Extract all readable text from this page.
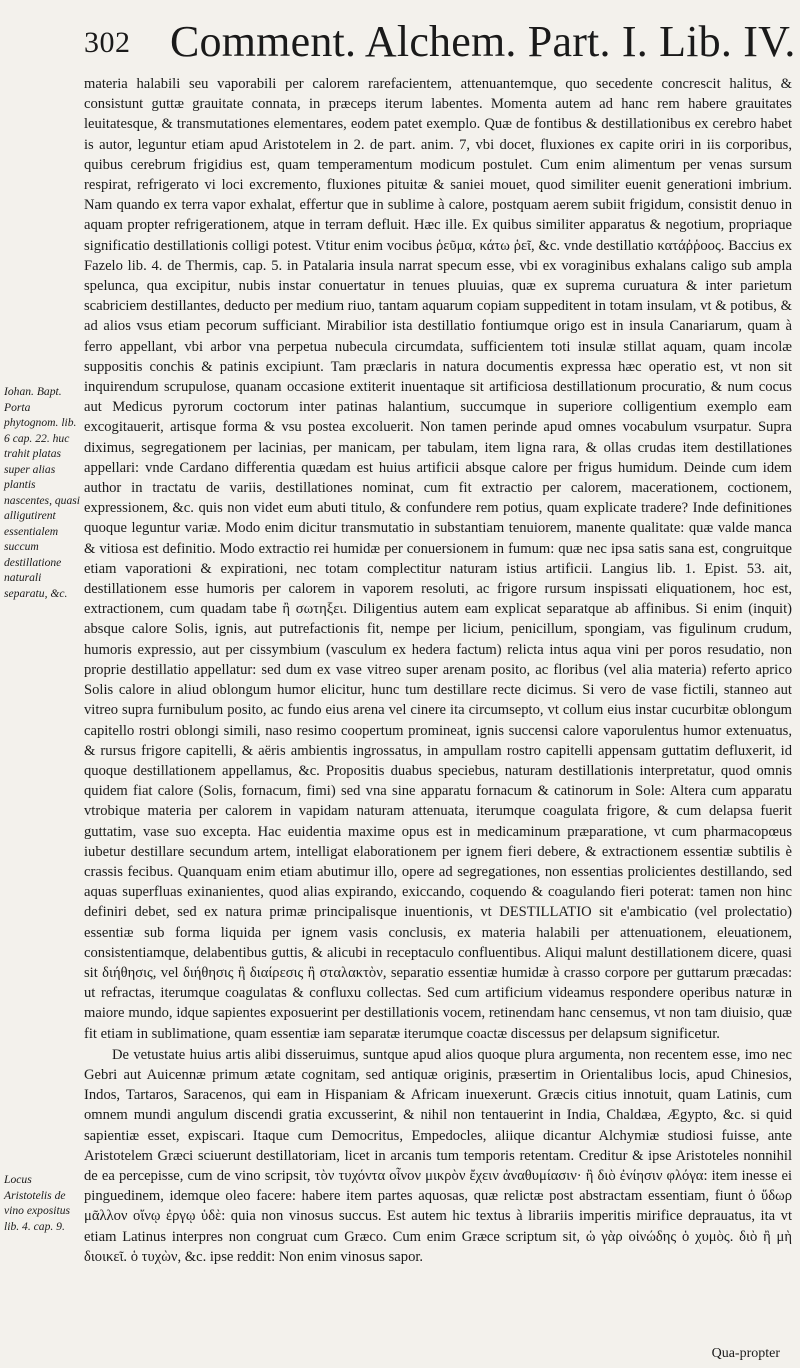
302 Comment. Alchem. Part. I. Lib. IV.

materia halabili seu vaporabili per calorem rarefacientem, attenuantemque, quo secedente concrescit halitus, & consistunt guttæ grauitate connata, in præceps iterum labentes. Momenta autem ad hanc rem habere grauitates leuitatesque, & transmutationes elementares, eodem patet exemplo. Quæ de fontibus & destillationibus ex cerebro habet is autor, leguntur etiam apud Aristotelem in 2. de part. anim. 7, vbi docet, fluxiones ex capite oriri in iis corporibus, quibus cerebrum frigidius est, quam temperamentum modicum postulet. Cum enim alimentum per venas sursum respirat, refrigerato vi loci excremento, fluxiones pituitæ & saniei mouet, quod similiter euenit generationi imbrium. Nam quando ex terra vapor exhalat, effertur que in sublime à calore, postquam aerem subiit frigidum, consistit denuo in aquam propter refrigerationem, atque in terram defluit. Hæc ille. Ex quibus similiter apparatus & negotium, propriaque significatio destillationis colligi potest. Vtitur enim vocibus ῥεῦμα, κάτω ῥεῖ, &c. vnde destillatio κατάῤῥοος. Baccius ex Fazelo lib. 4. de Thermis, cap. 5. in Patalaria insula narrat specum esse, vbi ex voraginibus exhalans caligo sub ampla spelunca, qua excipitur, nubis instar conuertatur in tenues pluuias, quæ ex suprema curuatura & inter parietum scabriciem destillantes, deducto per medium riuo, tantam aquarum copiam suppeditent in totam insulam, vt & potibus, & ad alios vsus etiam pecorum sufficiant. Mirabilior ista destillatio fontiumque origo est in insula Canariarum, quam à ferro appellant, vbi arbor vna perpetua nubecula circumdata, sufficientem toti insulæ stillat aquam, quam incolæ suppositis conchis & patinis excipiunt. Tam præclaris in natura documentis expressa hæc operatio est, vt non sit inquirendum scrupulose, quanam occasione extiterit inuentaque sit artificiosa destillationum procuratio, & num cocus aut Medicus pyrorum coctorum inter patinas halantium, succumque in superiore colligentium exemplo eam excogitauerit, artisque forma & vsu postea excoluerit. Non tamen perinde apud omnes vocabulum vsurpatur. Supra diximus, segregationem per lacinias, per manicam, per tabulam, item ligna rara, & ollas crudas item destillationes appellari: vnde Cardano differentia quædam est huius artificii absque calore per frigus humidum. Deinde cum idem author in tractatu de variis, destillationes nominat, cum fit extractio per calorem, macerationem, coctionem, expressionem, &c. quis non videt eum abuti titulo, & confundere rem potius, quam explicate tradere? Inde definitiones quoque leguntur variæ. Modo enim dicitur transmutatio in substantiam tenuiorem, manente qualitate: quæ valde manca & vitiosa est definitio. Modo extractio rei humidæ per conuersionem in fumum: quæ nec ipsa satis sana est, congruitque etiam vaporationi & expirationi, nec totam complectitur naturam istius artificii. Langius lib. 1. Epist. 53. ait, destillationem esse humoris per calorem in vaporem resoluti, ac frigore rursum inspissati eliquationem, hoc est, extractionem, cum quadam tabe ἢ σωτηξει. Diligentius autem eam explicat separatque ab affinibus. Si enim (inquit) absque calore Solis, ignis, aut putrefactionis fit, nempe per licium, penicillum, spongiam, vas figulinum crudum, humoris expressio, aut per cissymbium (vasculum ex hedera factum) relicta intus aqua vini per poros resudatio, non proprie destillatio appellatur: sed dum ex vase vitreo super arenam posito, ac floribus (vel alia materia) referto aprico Solis calore in aliud oblongum humor elicitur, hunc tum destillare recte dicimus. Si vero de vase fictili, stanneo aut vitreo supra furnibulum posito, ac fundo eius arena vel cinere ita circumsepto, vt collum eius instar cucurbitæ oblongum capitello rostri oblongi simili, naso resimo coopertum promineat, ignis succensi calore vaporulentus humor extenuatus, & rursus frigore capitelli, & aëris ambientis ingrossatus, in ampullam rostro capitelli appensam guttatim defluxerit, id quoque destillationem appellamus, &c. Propositis duabus speciebus, naturam destillationis interpretatur, quod omnis quidem fiat calore (Solis, fornacum, fimi) sed vna sine apparatu fornacum & catinorum in Sole: Altera cum apparatu vtrobique materia per calorem in vapidam naturam attenuata, iterumque coagulata frigore, & cum delapsa fuerit guttatim, vase suo excepta. Hac euidentia maxime opus est in medicaminum præparatione, vt cum pharmacopœus iubetur destillare secundum artem, intelligat elaborationem per ignem fieri debere, & extractionem essentiæ subtilis è crassis fecibus. Quanquam enim etiam abutimur illo, opere ad segregationes, non essentias prolicientes destillando, sed aquas superfluas exinanientes, quod alias expirando, exiccando, coquendo & coagulando fieri poterat: tamen non hinc definiri debet, sed ex natura primæ principalisque inuentionis, vt DESTILLATIO sit e'ambicatio (vel prolectatio) essentiæ sub forma liquida per ignem vasis conclusis, ex materia halabili per attenuationem, eleuationem, consistentiamque, delabentibus guttis, & alicubi in receptaculo confluentibus. Aliqui malunt destillationem dicere, quasi sit διήθησις, vel διήθησις ἢ διαίρεσις ἢ σταλακτὸν, separatio essentiæ humidæ à crasso corpore per guttarum præcadas: ut refractas, iterumque coagulatas & confluxu collectas. Sed cum artificium videamus respondere operibus naturæ in maiore mundo, idque sapientes exposuerint per destillationis vocem, retinendam hanc censemus, vt non tam diuisio, quæ fit etiam in sublimatione, quam essentiæ iam separatæ iterumque coactæ discessus per delapsum significetur.

De vetustate huius artis alibi disseruimus, suntque apud alios quoque plura argumenta, non recentem esse, imo nec Gebri aut Auicennæ primum ætate cognitam, sed antiquæ originis, præsertim in Orientalibus locis, apud Chinesios, Indos, Tartaros, Saracenos, qui eam in Hispaniam & Africam inuexerunt. Græcis citius innotuit, quam Latinis, cum omnem mundi angulum discendi gratia excusserint, & nihil non tentauerint in India, Chaldæa, Ægypto, &c. si quid sapientiæ esset, expiscari. Itaque cum Democritus, Empedocles, aliique dicantur Alchymiæ studiosi fuisse, ante Aristotelem Græci sciuerunt destillatoriam, licet in arcanis tum temporis retentam. Creditur & ipse Aristoteles nonnihil de ea percepisse, cum de vino scripsit, τὸν τυχόντα οἶνον μικρὸν ἔχειν ἀναθυμίασιν· ἢ διὸ ἐνίησιν φλόγα: item inesse ei pinguedinem, idemque oleo facere: habere item partes aquosas, quæ relictæ post abstractam essentiam, fiunt ὁ ὕδωρ μᾶλλον οἴνῳ ἐργῳ ὑδὲ: quia non vinosus succus. Est autem hic textus à librariis imperitis mirifice deprauatus, ita vt etiam Latinus interpres non congruat cum Græco. Cum enim Græce scriptum sit, ὡ γὰρ οἰνώδης ὁ χυμὸς. διὸ ἢ μὴ διοικεῖ. ὁ τυχὼν, &c. ipse reddit: Non enim vinosus sapor.

Iohan. Bapt. Porta phytognom. lib. 6 cap. 22. huc trahit platas super alias plantis nascentes, quasi alligutirent essentialem succum destillatione naturali separatu, &c.
Locus Aristotelis de vino expositus lib. 4. cap. 9.
Qua-propter
